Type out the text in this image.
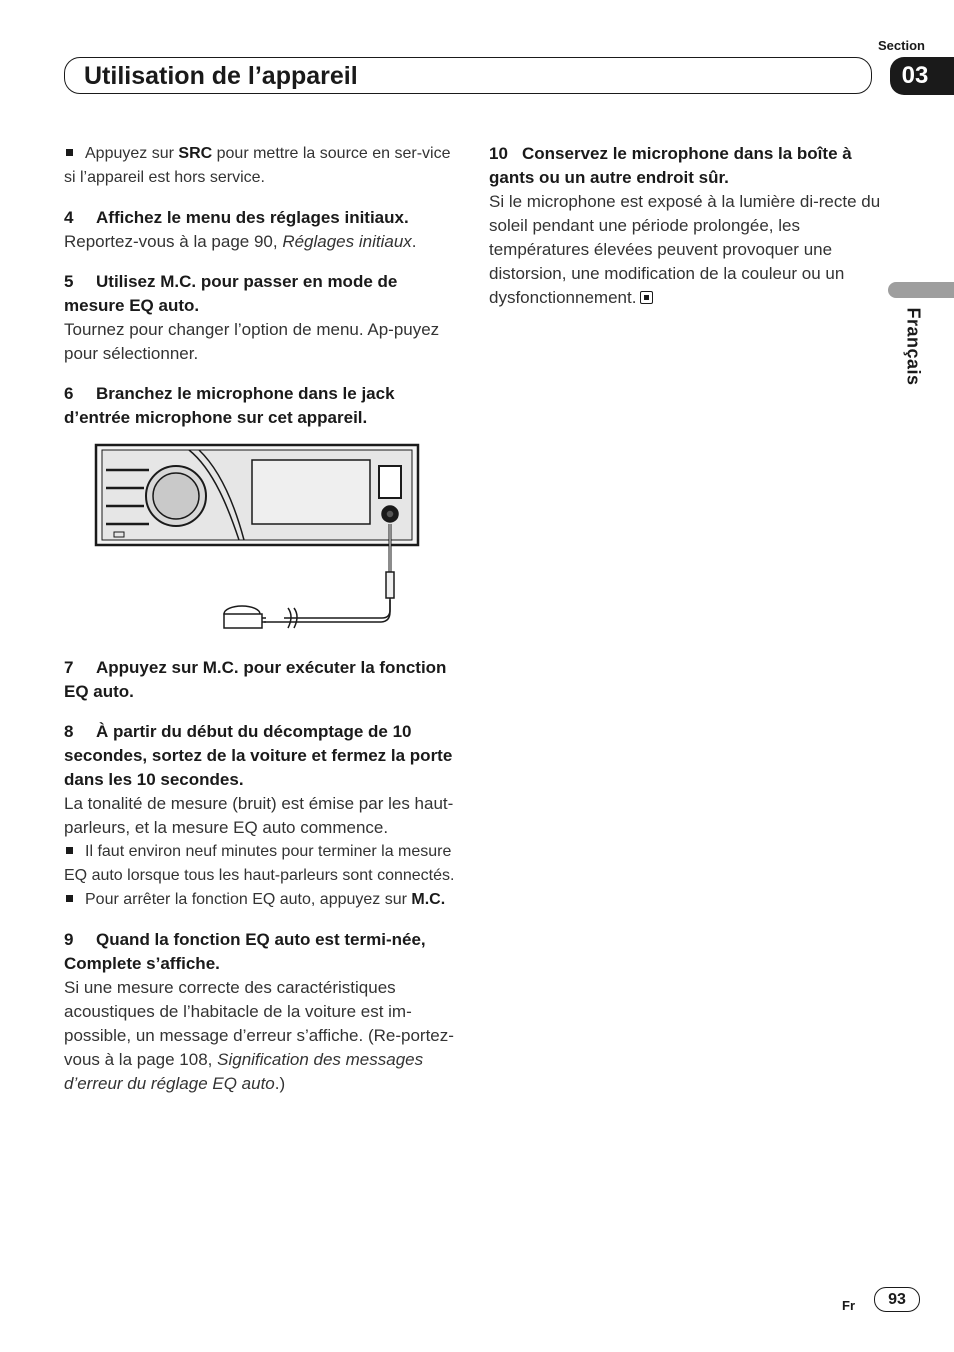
Section
Utilisation de l’appareil	03
Français

Appuyez sur SRC pour mettre la source en ser-vice si l’appareil est hors service.

4 Affichez le menu des réglages initiaux.

Reportez-vous à la page 90, Réglages initiaux.

5 Utilisez M.C. pour passer en mode de mesure EQ auto.

Tournez pour changer l’option de menu. Ap-puyez pour sélectionner.

6 Branchez le microphone dans le jack d’entrée microphone sur cet appareil.

7 Appuyez sur M.C. pour exécuter la fonction EQ auto.

8 À partir du début du décomptage de 10 secondes, sortez de la voiture et fermez la porte dans les 10 secondes.

La tonalité de mesure (bruit) est émise par les haut-parleurs, et la mesure EQ auto commence.

Il faut environ neuf minutes pour terminer la mesure EQ auto lorsque tous les haut-parleurs sont connectés.

Pour arrêter la fonction EQ auto, appuyez sur M.C.

9 Quand la fonction EQ auto est termi-née, Complete s’affiche.

Si une mesure correcte des caractéristiques acoustiques de l’habitacle de la voiture est im-possible, un message d’erreur s’affiche. (Re-portez-vous à la page 108, Signification des messages d’erreur du réglage EQ auto.)

10 Conservez le microphone dans la boîte à gants ou un autre endroit sûr.

Si le microphone est exposé à la lumière di-recte du soleil pendant une période prolongée, les températures élevées peuvent provoquer une distorsion, une modification de la couleur ou un dysfonctionnement.

Fr	93
